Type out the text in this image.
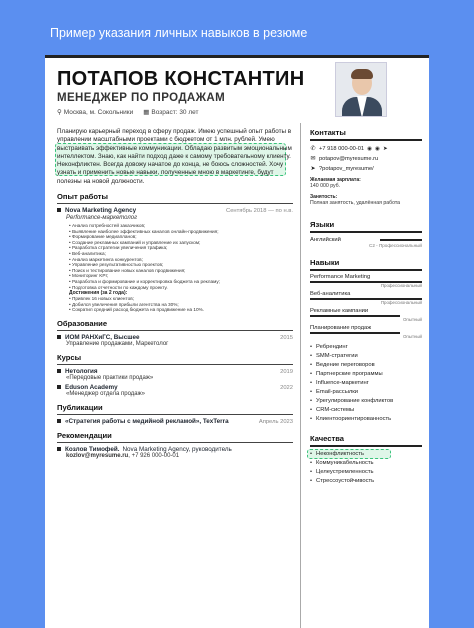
Пример указания личных навыков в резюме
ПОТАПОВ КОНСТАНТИН
МЕНЕДЖЕР ПО ПРОДАЖАМ
⚲ Москва, м. Сокольники ▦ Возраст: 30 лет

Планирую карьерный переход в сферу продаж. Имею успешный опыт работы в управлении масштабными проектами с бюджетом от 1 млн. рублей. Умею выстраивать эффективные коммуникации. Обладаю развитым эмоциональным интеллектом. Знаю, как найти подход даже к самому требовательному клиенту. Неконфликтен. Всегда довожу начатое до конца, не боюсь сложностей. Хочу узнать и применить новые навыки, полученные мною в маркетинге, будут полезны на новой должности.

Опыт работы
Nova Marketing Agency	Сентябрь 2018 — по н.в.
Performance-маркетолог
• Анализ потребностей заказчиков;
• Выявление наиболее эффективных каналов онлайн-продвижения;
• Формирование медиапланов;
• Создание рекламных кампаний и управление их запуском;
• Разработка стратегии увеличения трафика;
• Веб-аналитика;
• Анализ маркетинга конкурентов;
• Управление результативностью проектов;
• Поиск и тестирование новых каналов продвижения;
• Мониторинг KPI;
• Разработка и формирование и корректировка бюджета на рекламу;
• Подготовка отчетности по каждому проекту.
Достижения (за 2 года):
• Привлек 16 новых клиентов;
• Добился увеличения прибыли агентства на 30%;
• Сократил средний расход бюджета на продвижение на 10%.
Образование
ИОМ РАНХиГС, Высшее	2015
Управление продажами, Маркетолог
Курсы
Нетология	2019
«Передовые практики продаж»
Eduson Academy	2022
«Менеджер отдела продаж»
Публикации
«Стратегия работы с медийной рекламой», TexTerra	Апрель 2023
Рекомендации
Козлов Тимофей. Nova Marketing Agency, руководитель
kozlov@myresume.ru, +7 926 000-00-01
Контакты
✆ +7 918 000-00-01 ◉ ◉ ➤
✉ potapov@myresume.ru
➤ ?potapov_myresume/
Желаемая зарплата:
140 000 руб.
Занятость:
Полная занятость, удалённая работа
Языки
Английский
C2 - Профессиональный
Навыки
Performance Marketing
Профессиональный
Веб-аналитика
Профессиональный
Рекламные кампании
Опытный
Планирование продаж
Опытный
• Ребрендинг
• SMM-стратегии
• Ведение переговоров
• Партнерские программы
• Influence-маркетинг
• Email-рассылки
• Урегулирование конфликтов
• CRM-системы
• Клиентоориентированность
Качества
• Неконфликтность
• Коммуникабельность
• Целеустремленность
• Стрессоустойчивость
